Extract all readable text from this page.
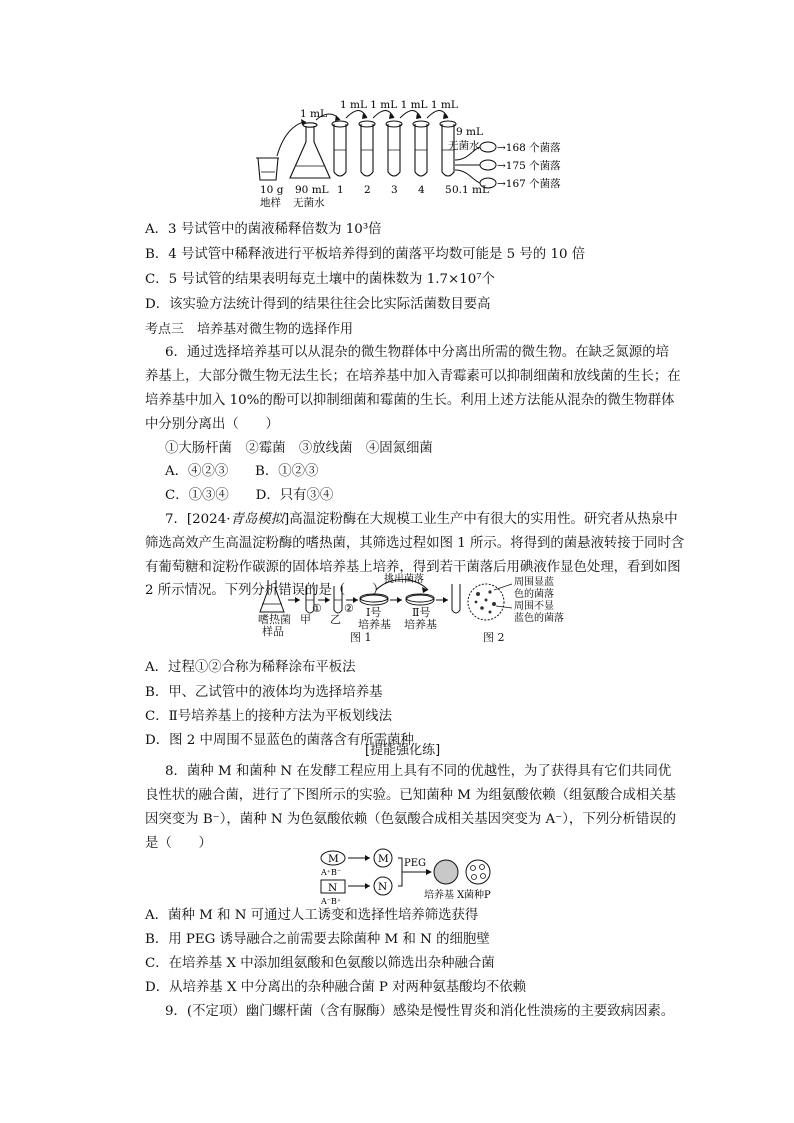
10 g
地样
90 mL
无菌水
1 mL
1 mL 1 mL 1 mL 1 mL
1 2 3 4 5
9 mL
无菌水
0.1 mL
→168 个菌落
→175 个菌落
→167 个菌落
A．3 号试管中的菌液稀释倍数为 10³倍
B．4 号试管中稀释液进行平板培养得到的菌落平均数可能是 5 号的 10 倍
C．5 号试管的结果表明每克土壤中的菌株数为 1.7×10⁷个
D．该实验方法统计得到的结果往往会比实际活菌数目要高
考点三　培养基对微生物的选择作用
6．通过选择培养基可以从混杂的微生物群体中分离出所需的微生物。在缺乏氮源的培
养基上，大部分微生物无法生长；在培养基中加入青霉素可以抑制细菌和放线菌的生长；在
培养基中加入 10%的酚可以抑制细菌和霉菌的生长。利用上述方法能从混杂的微生物群体
中分别分离出（　　）
①大肠杆菌　②霉菌　③放线菌　④固氮细菌
A．④②③　　B．①②③
C．①③④　　D．只有③④
7．[2024·青岛模拟]高温淀粉酶在大规模工业生产中有很大的实用性。研究者从热泉中
筛选高效产生高温淀粉酶的嗜热菌，其筛选过程如图 1 所示。将得到的菌悬液转接于同时含
有葡萄糖和淀粉作碳源的固体培养基上培养，得到若干菌落后用碘液作显色处理，看到如图
2 所示情况。下列分析错误的是（　　）
① ②
挑出菌落	周围显蓝
色的菌落
周围不显
蓝色的菌落
嗜热菌
样品
甲 乙
Ⅰ号
培养基
Ⅱ号
培养基
图 1	图 2
A．过程①②合称为稀释涂布平板法
B．甲、乙试管中的液体均为选择培养基
C．Ⅱ号培养基上的接种方法为平板划线法
D．图 2 中周围不显蓝色的菌落含有所需菌种
[提能强化练]
8．菌种 M 和菌种 N 在发酵工程应用上具有不同的优越性，为了获得具有它们共同优
良性状的融合菌，进行了下图所示的实验。已知菌种 M 为组氨酸依赖（组氨酸合成相关基
因突变为 B⁻），菌种 N 为色氨酸依赖（色氨酸合成相关基因突变为 A⁻），下列分析错误的
是（　　）
M
N
A⁺B⁻
A⁻B⁺
M
N
PEG
培养基 X 菌种P
A．菌种 M 和 N 可通过人工诱变和选择性培养筛选获得
B．用 PEG 诱导融合之前需要去除菌种 M 和 N 的细胞壁
C．在培养基 X 中添加组氨酸和色氨酸以筛选出杂种融合菌
D．从培养基 X 中分离出的杂种融合菌 P 对两种氨基酸均不依赖
9．(不定项）幽门螺杆菌（含有脲酶）感染是慢性胃炎和消化性溃疡的主要致病因素。
